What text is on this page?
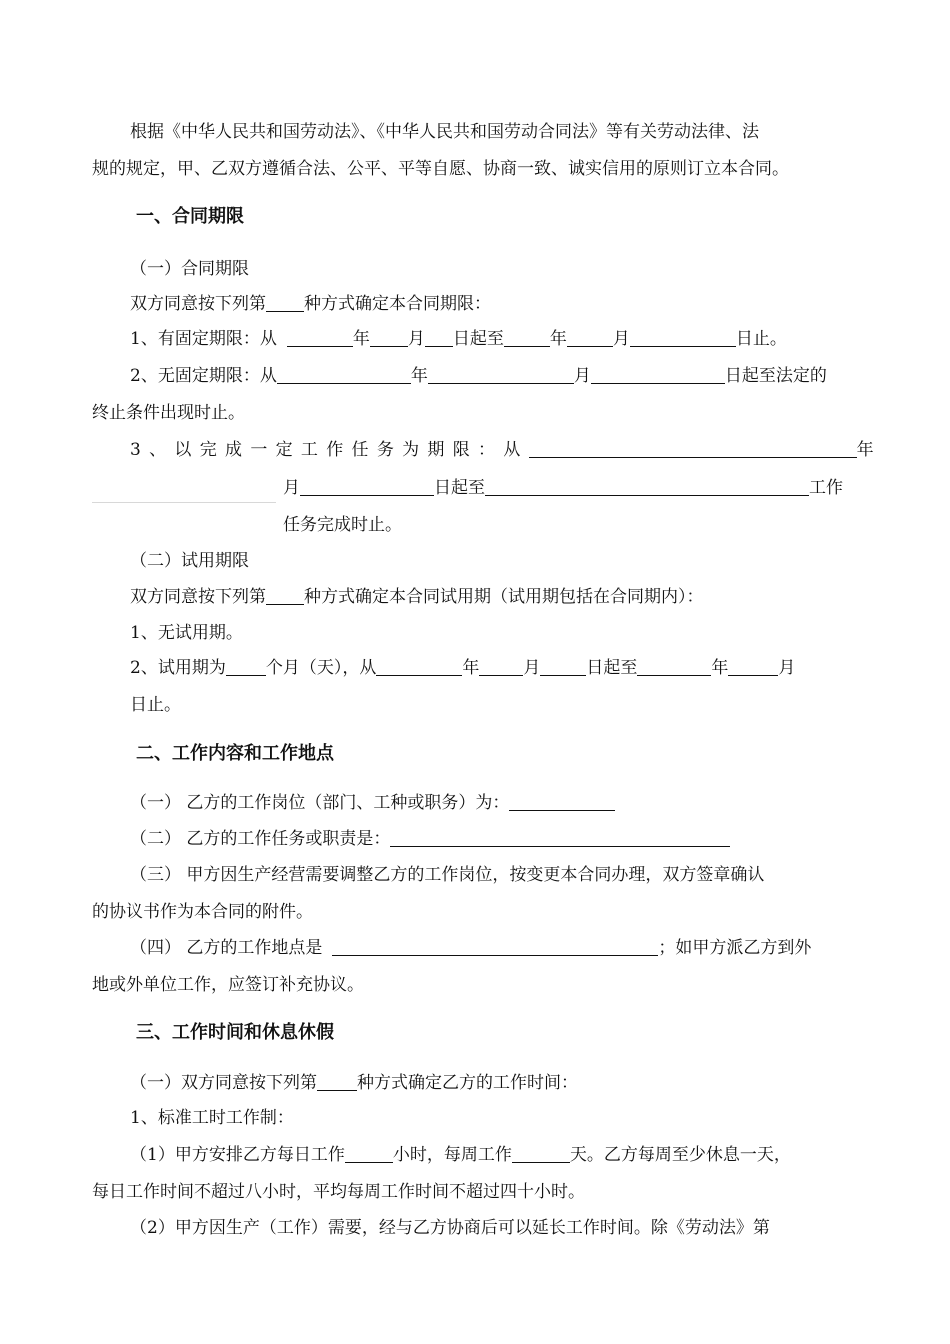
根据《中华人民共和国劳动法》、《中华人民共和国劳动合同法》等有关劳动法律、法
规的规定，甲、乙双方遵循合法、公平、平等自愿、协商一致、诚实信用的原则订立本合同。
一、合同期限
（一）合同期限
双方同意按下列第 种方式确定本合同期限：
1、有固定期限：从	年 月 日起至	年	月	日止。
2、无固定期限：从	年	月	日起至法定的
终止条件出现时止。
3、以完成一定工作任务为期限：从	年
月	日起至	工作
任务完成时止。
（二）试用期限
双方同意按下列第 种方式确定本合同试用期（试用期包括在合同期内）：
1、无试用期。
2、试用期为 个月（天），从	年	月	日起至	年	月
日止。
二、工作内容和工作地点
（一） 乙方的工作岗位（部门、工种或职务）为：
（二） 乙方的工作任务或职责是：
（三） 甲方因生产经营需要调整乙方的工作岗位，按变更本合同办理，双方签章确认
的协议书作为本合同的附件。
（四） 乙方的工作地点是	；如甲方派乙方到外
地或外单位工作，应签订补充协议。
三、工作时间和休息休假
（一）双方同意按下列第 种方式确定乙方的工作时间：
1、标准工时工作制：
（1）甲方安排乙方每日工作	小时，每周工作	天。乙方每周至少休息一天，
每日工作时间不超过八小时，平均每周工作时间不超过四十小时。
（2）甲方因生产（工作）需要，经与乙方协商后可以延长工作时间。除《劳动法》第
